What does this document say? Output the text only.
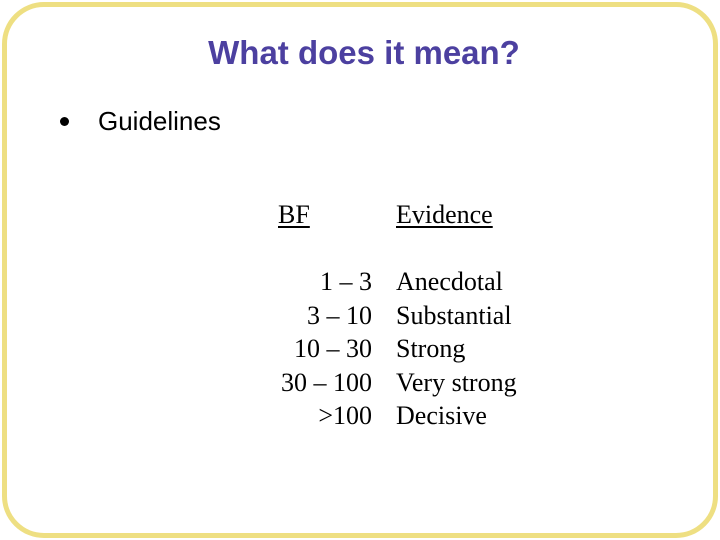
What does it mean?
Guidelines
BF	Evidence
1 – 3
3 – 10
10 – 30
30 – 100
>100
Anecdotal
Substantial
Strong
Very strong
Decisive
